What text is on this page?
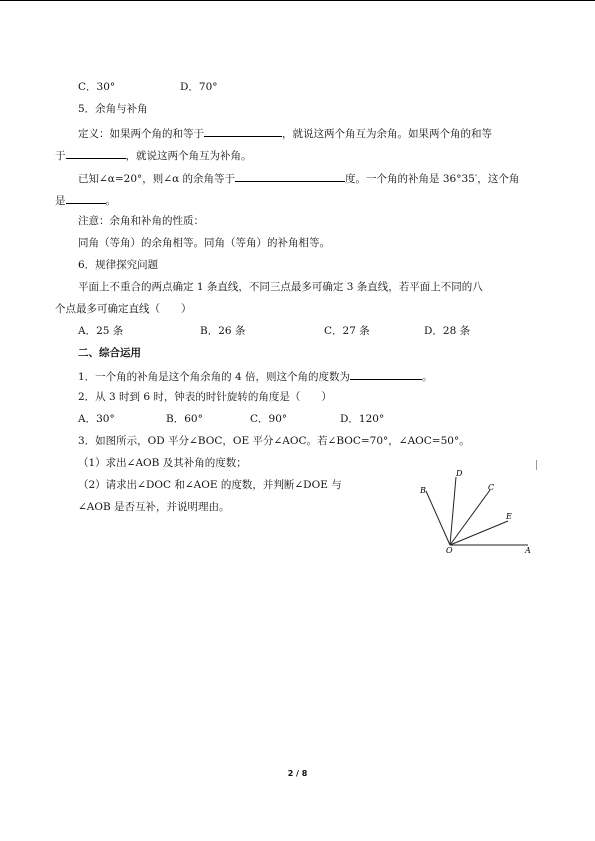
C．30°	D．70°
5．余角与补角
定义：如果两个角的和等于	，就说这两个角互为余角。如果两个角的和等
于	，就说这两个角互为补角。
已知∠α=20°，则∠α 的余角等于	度。一个角的补角是 36°35′，这个角
是	。
注意：余角和补角的性质：
同角（等角）的余角相等。同角（等角）的补角相等。
6．规律探究问题
平面上不重合的两点确定 1 条直线，不同三点最多可确定 3 条直线，若平面上不同的八
个点最多可确定直线（　　）
A．25 条	B．26 条	C．27 条	D．28 条
二、综合运用
1．一个角的补角是这个角余角的 4 倍，则这个角的度数为	。
2．从 3 时到 6 时，钟表的时针旋转的角度是（　　）
A．30°	B．60°	C．90°	D．120°
3．如图所示，OD 平分∠BOC，OE 平分∠AOC。若∠BOC=70°，∠AOC=50°。
（1）求出∠AOB 及其补角的度数；
（2）请求出∠DOC 和∠AOE 的度数，并判断∠DOE 与
∠AOB 是否互补，并说明理由。
D
C
B
E
O	A
2 / 8
